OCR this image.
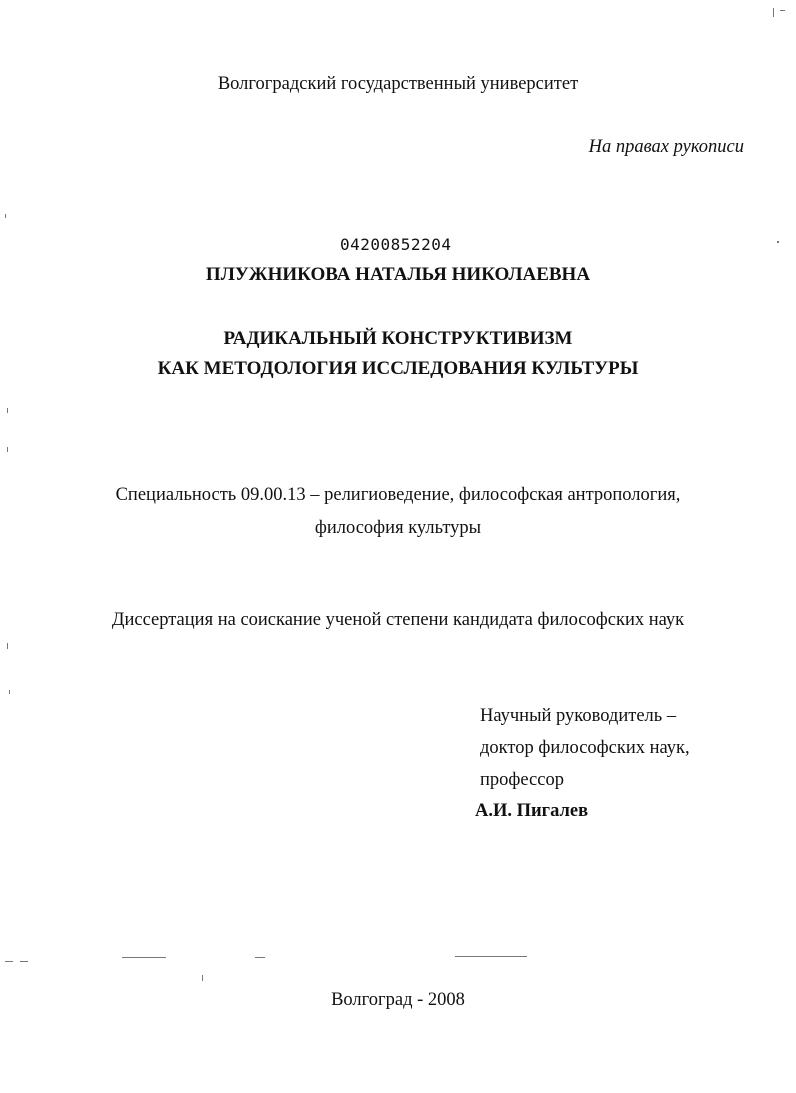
Волгоградский государственный университет
На правах рукописи
04200852204
ПЛУЖНИКОВА НАТАЛЬЯ НИКОЛАЕВНА
РАДИКАЛЬНЫЙ КОНСТРУКТИВИЗМ
КАК МЕТОДОЛОГИЯ ИССЛЕДОВАНИЯ КУЛЬТУРЫ
Специальность 09.00.13 – религиоведение, философская антропология,
философия культуры
Диссертация на соискание ученой степени кандидата философских наук
Научный руководитель –
доктор философских наук,
профессор
А.И. Пигалев
Волгоград - 2008
